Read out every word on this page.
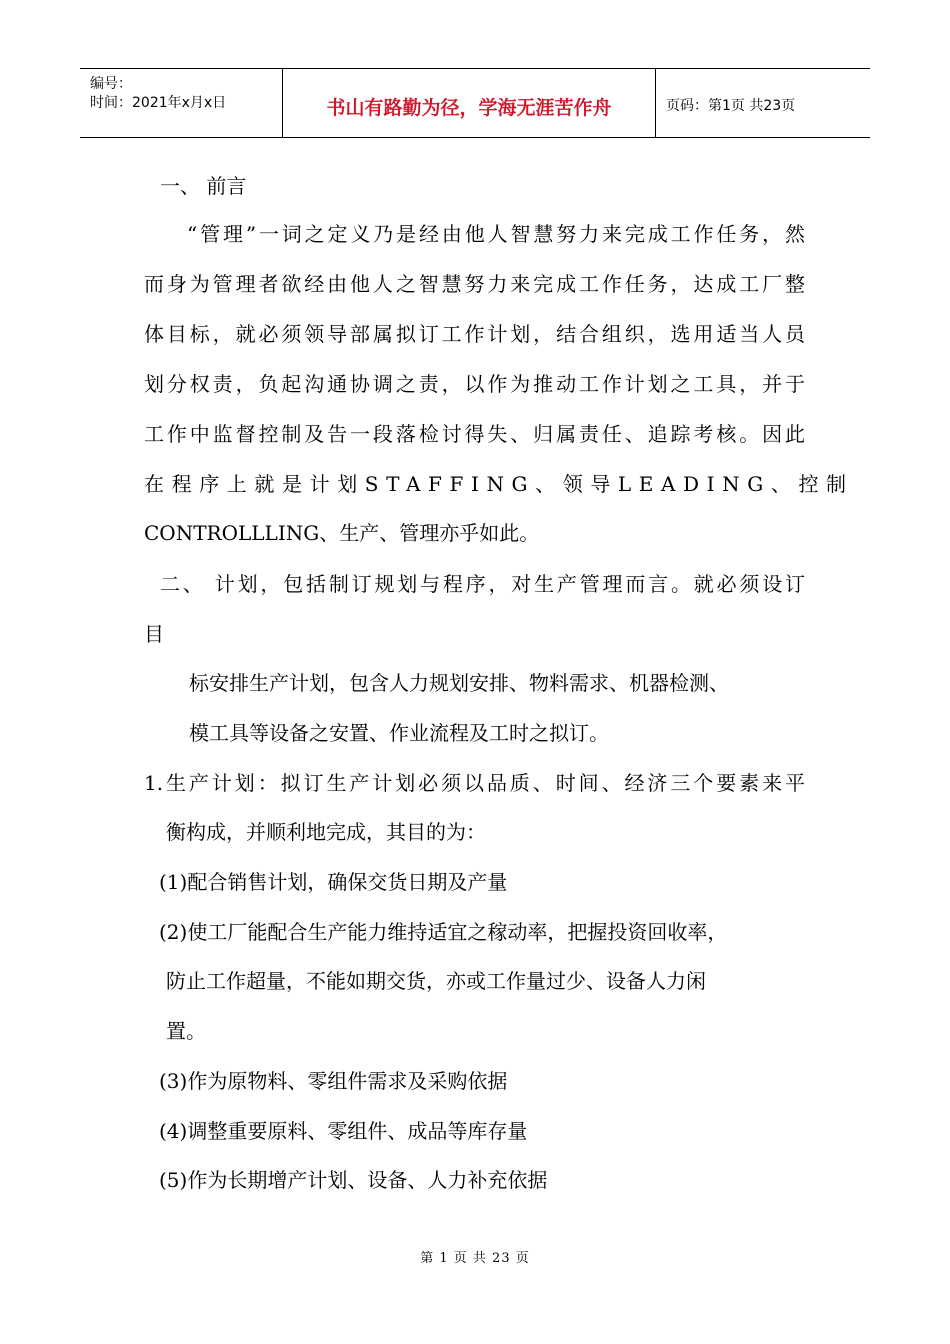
编号：
时间：2021年x月x日	书山有路勤为径，学海无涯苦作舟	页码：第1页 共23页
一、 前言
“管理”一词之定义乃是经由他人智慧努力来完成工作任务，然
而身为管理者欲经由他人之智慧努力来完成工作任务，达成工厂整
体目标，就必须领导部属拟订工作计划，结合组织，选用适当人员
划分权责，负起沟通协调之责，以作为推动工作计划之工具，并于
工作中监督控制及告一段落检讨得失、归属责任、追踪考核。因此
在程序上就是计划STAFFING、领导LEADING、控制
CONTROLLLING、生产、管理亦乎如此。
二、 计划，包括制订规划与程序，对生产管理而言。就必须设订
目
标安排生产计划，包含人力规划安排、物料需求、机器检测、
模工具等设备之安置、作业流程及工时之拟订。
1.生产计划：拟订生产计划必须以品质、时间、经济三个要素来平
衡构成，并顺利地完成，其目的为：
(1)配合销售计划，确保交货日期及产量
(2)使工厂能配合生产能力维持适宜之稼动率，把握投资回收率，
防止工作超量，不能如期交货，亦或工作量过少、设备人力闲
置。
(3)作为原物料、零组件需求及采购依据
(4)调整重要原料、零组件、成品等库存量
(5)作为长期增产计划、设备、人力补充依据
第 1 页 共 23 页
